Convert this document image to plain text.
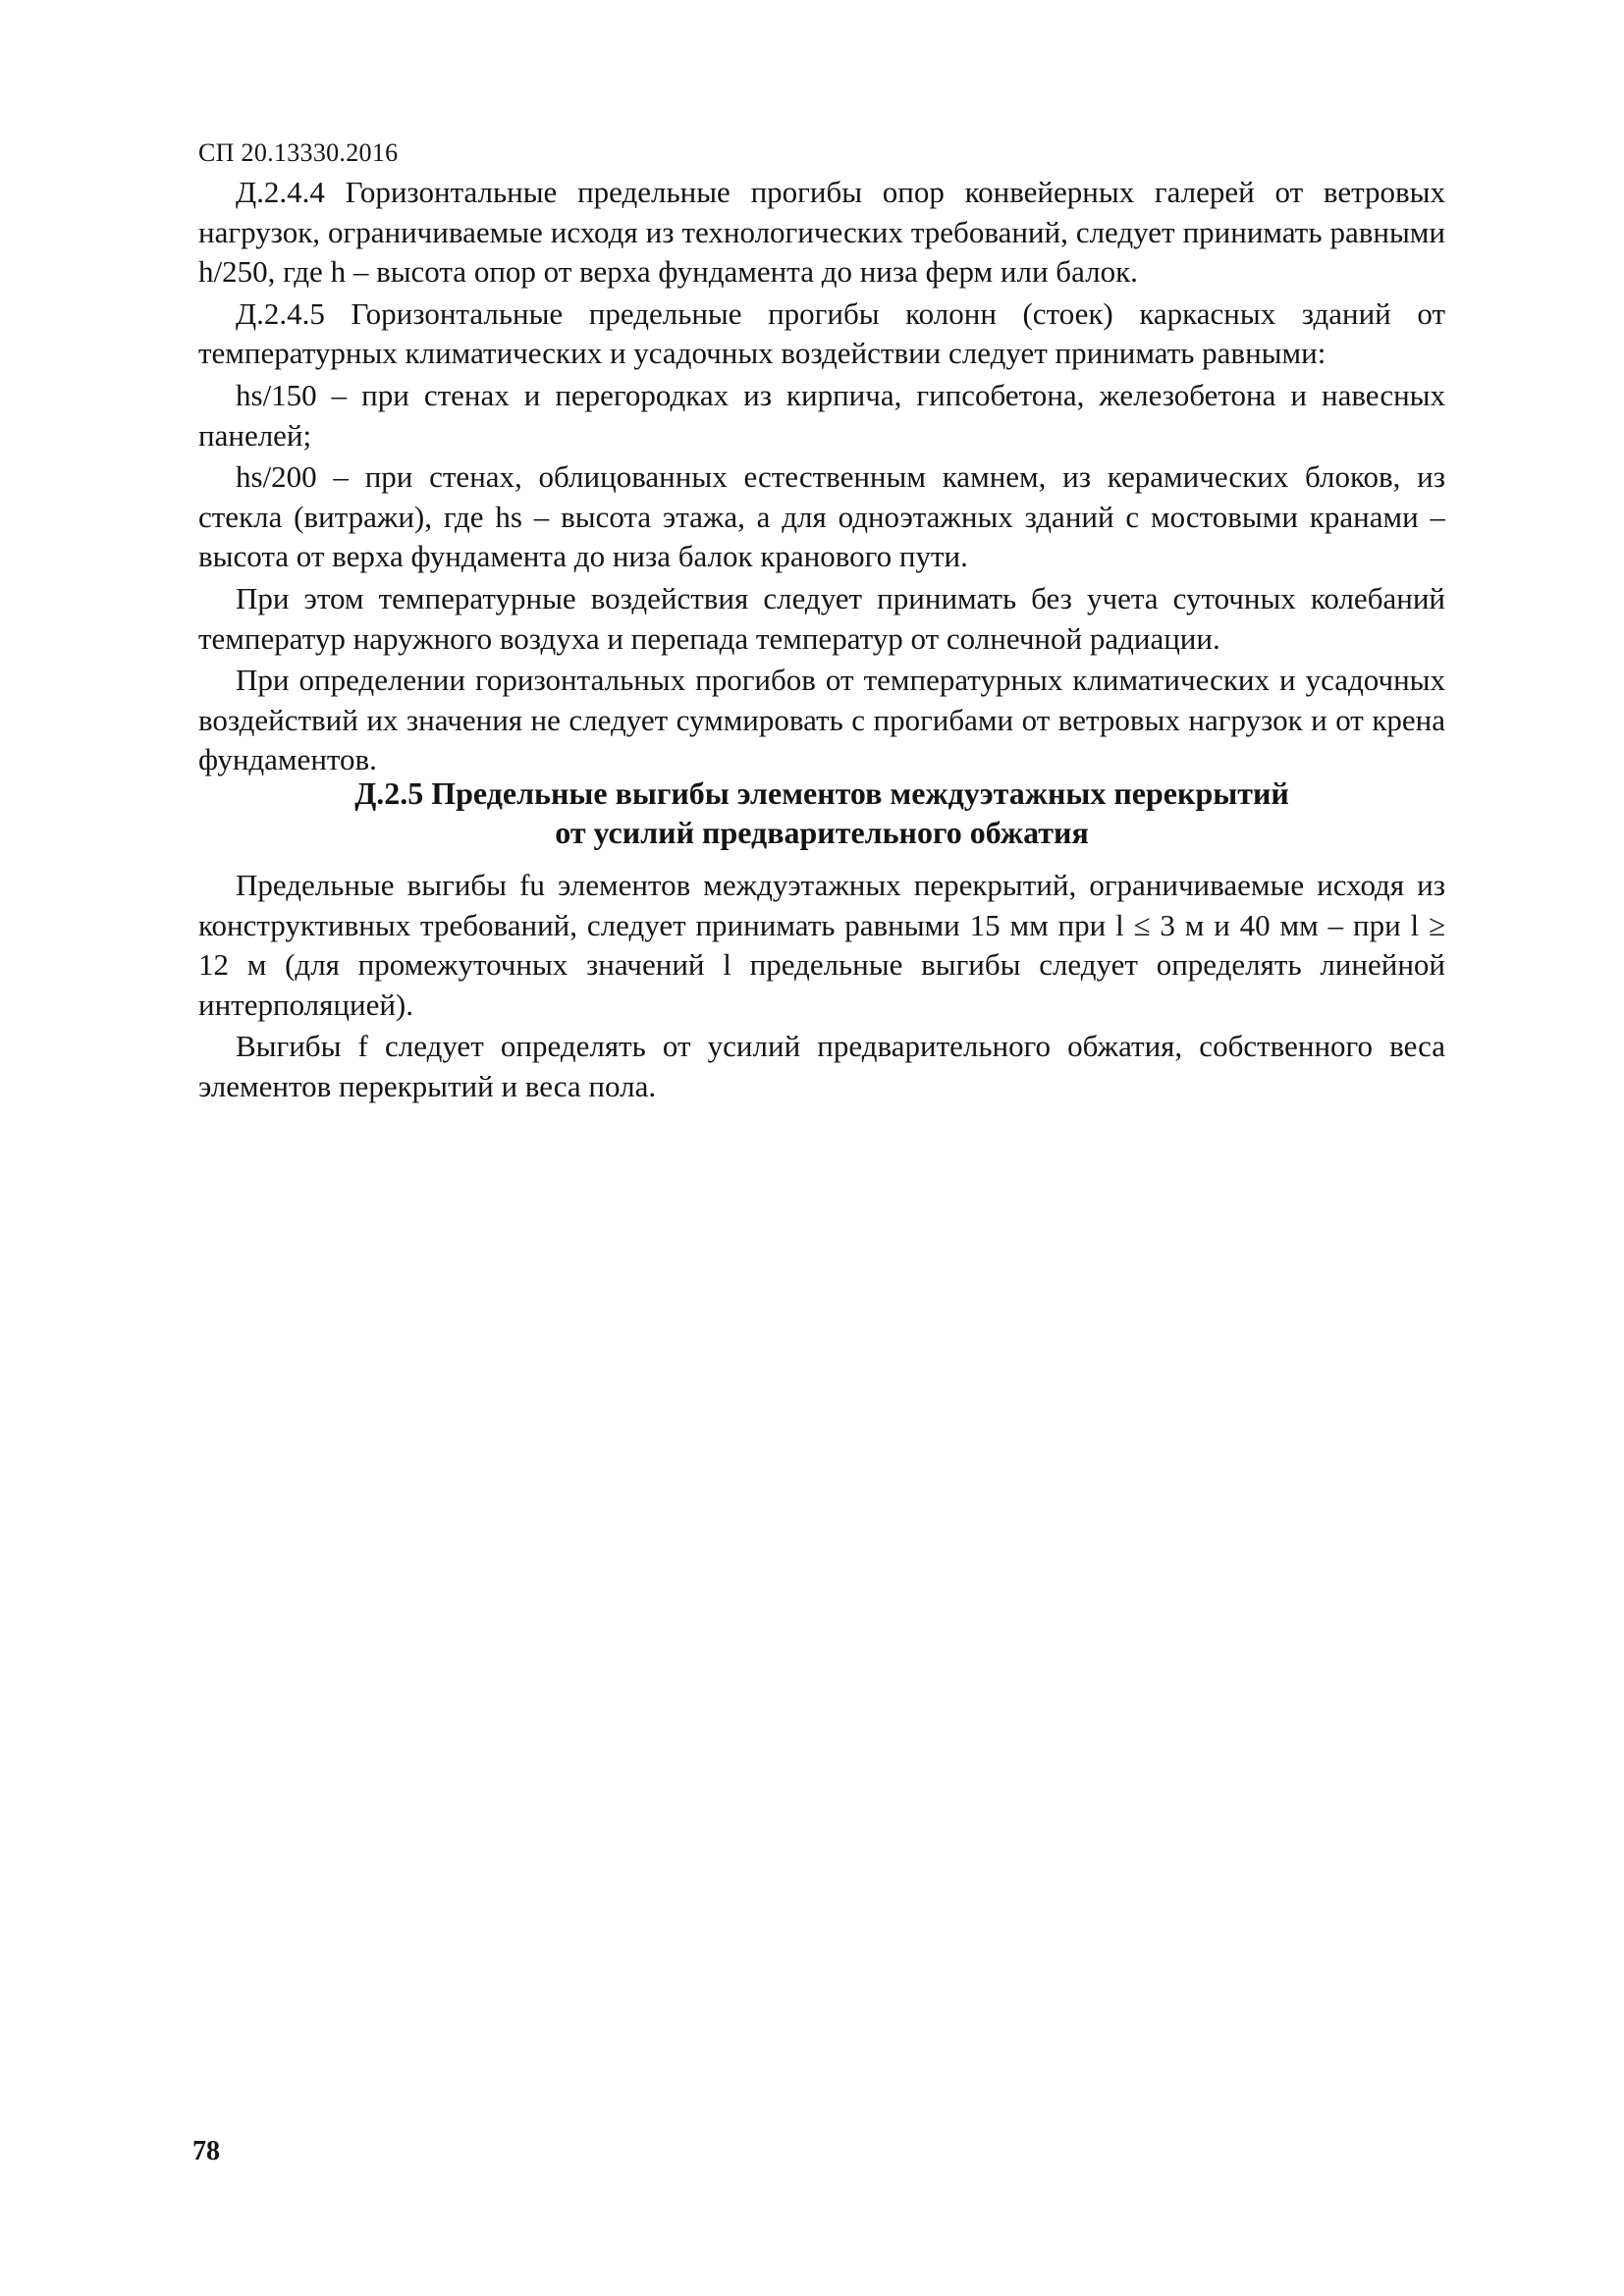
СП 20.13330.2016

Д.2.4.4 Горизонтальные предельные прогибы опор конвейерных галерей от ветровых нагрузок, ограничиваемые исходя из технологических требований, следует принимать равными h/250, где h – высота опор от верха фундамента до низа ферм или балок.

Д.2.4.5 Горизонтальные предельные прогибы колонн (стоек) каркасных зданий от температурных климатических и усадочных воздействии следует принимать равными:

hs/150 – при стенах и перегородках из кирпича, гипсобетона, железобетона и навесных панелей;

hs/200 – при стенах, облицованных естественным камнем, из керамических блоков, из стекла (витражи), где hs – высота этажа, а для одноэтажных зданий с мостовыми кранами – высота от верха фундамента до низа балок кранового пути.

При этом температурные воздействия следует принимать без учета суточных колебаний температур наружного воздуха и перепада температур от солнечной радиации.

При определении горизонтальных прогибов от температурных климатических и усадочных воздействий их значения не следует суммировать с прогибами от ветровых нагрузок и от крена фундаментов.

Д.2.5 Предельные выгибы элементов междуэтажных перекрытий
от усилий предварительного обжатия

Предельные выгибы fu элементов междуэтажных перекрытий, ограничиваемые исходя из конструктивных требований, следует принимать равными 15 мм при l ≤ 3 м и 40 мм – при l ≥ 12 м (для промежуточных значений l предельные выгибы следует определять линейной интерполяцией).

Выгибы f следует определять от усилий предварительного обжатия, собственного веса элементов перекрытий и веса пола.

78
